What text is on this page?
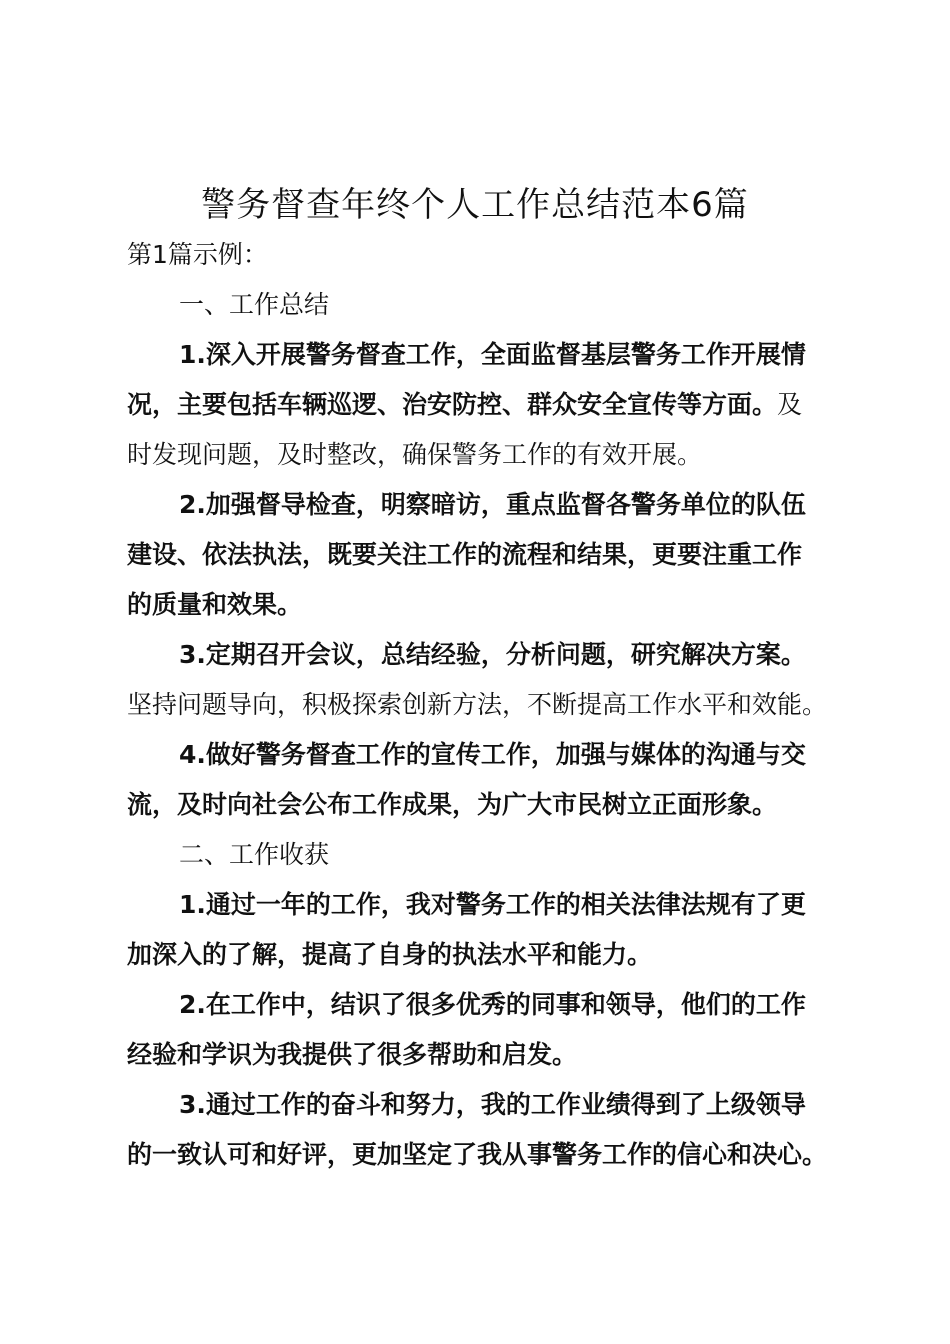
警务督查年终个人工作总结范本6篇
第1篇示例：
一、工作总结
1.深入开展警务督查工作，全面监督基层警务工作开展情
况，主要包括车辆巡逻、治安防控、群众安全宣传等方面。及
时发现问题，及时整改，确保警务工作的有效开展。
2.加强督导检查，明察暗访，重点监督各警务单位的队伍
建设、依法执法，既要关注工作的流程和结果，更要注重工作
的质量和效果。
3.定期召开会议，总结经验，分析问题，研究解决方案。
坚持问题导向，积极探索创新方法，不断提高工作水平和效能。
4.做好警务督查工作的宣传工作，加强与媒体的沟通与交
流，及时向社会公布工作成果，为广大市民树立正面形象。
二、工作收获
1.通过一年的工作，我对警务工作的相关法律法规有了更
加深入的了解，提高了自身的执法水平和能力。
2.在工作中，结识了很多优秀的同事和领导，他们的工作
经验和学识为我提供了很多帮助和启发。
3.通过工作的奋斗和努力，我的工作业绩得到了上级领导
的一致认可和好评，更加坚定了我从事警务工作的信心和决心。
